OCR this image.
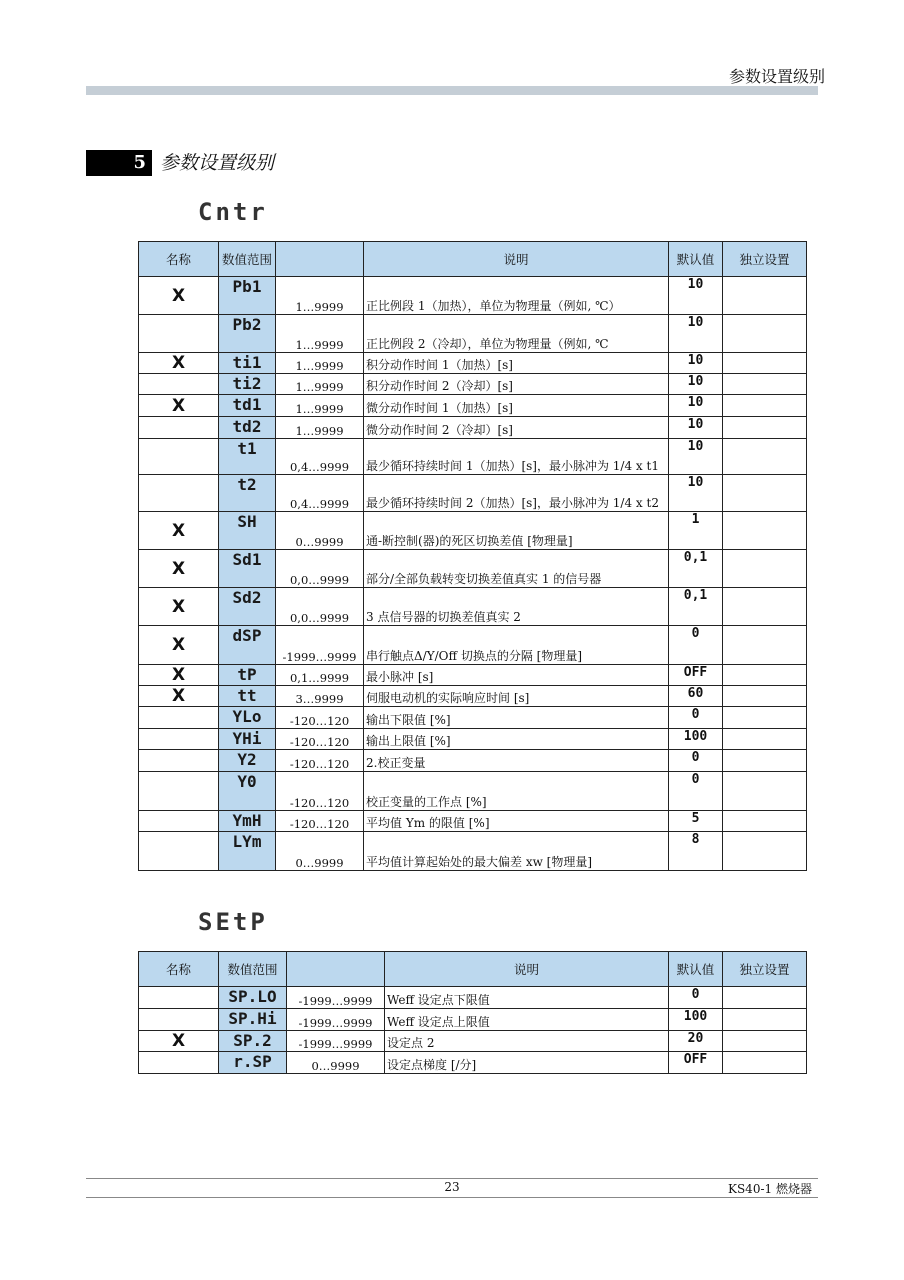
参数设置级别
5 参数设置级别
Cntr
名称	数值范围		说明	默认值	独立设置
X	Pb1	1…9999	正比例段 1（加热），单位为物理量（例如, ℃）	10	
	Pb2	1…9999	正比例段 2（冷却），单位为物理量（例如, ℃	10	
X	ti1	1…9999	积分动作时间 1（加热）[s]	10	
	ti2	1…9999	积分动作时间 2（冷却）[s]	10	
X	td1	1…9999	微分动作时间 1（加热）[s]	10	
	td2	1…9999	微分动作时间 2（冷却）[s]	10	
	t1	0,4…9999	最少循环持续时间 1（加热）[s]，最小脉冲为 1/4 x t1	10	
	t2	0,4…9999	最少循环持续时间 2（加热）[s]，最小脉冲为 1/4 x t2	10	
X	SH	0…9999	通-断控制(器)的死区切换差值 [物理量]	1	
X	Sd1	0,0…9999	部分/全部负载转变切换差值真实 1 的信号器	0,1	
X	Sd2	0,0…9999	3 点信号器的切换差值真实 2	0,1	
X	dSP	-1999…9999	串行触点Δ/Y/Off 切换点的分隔 [物理量]	0	
X	tP	0,1…9999	最小脉冲 [s]	OFF	
X	tt	3…9999	伺服电动机的实际响应时间 [s]	60	
	YLo	-120…120	输出下限值 [%]	0	
	YHi	-120…120	输出上限值 [%]	100	
	Y2	-120…120	2.校正变量	0	
	Y0	-120…120	校正变量的工作点 [%]	0	
	YmH	-120…120	平均值 Ym 的限值 [%]	5	
	LYm	0…9999	平均值计算起始处的最大偏差 xw [物理量]	8	
SEtP
名称	数值范围		说明	默认值	独立设置
	SP.LO	-1999…9999	Weff 设定点下限值	0	
	SP.Hi	-1999…9999	Weff 设定点上限值	100	
X	SP.2	-1999…9999	设定点 2	20	
	r.SP	0…9999	设定点梯度 [/分]	OFF	
23	KS40-1 燃烧器
